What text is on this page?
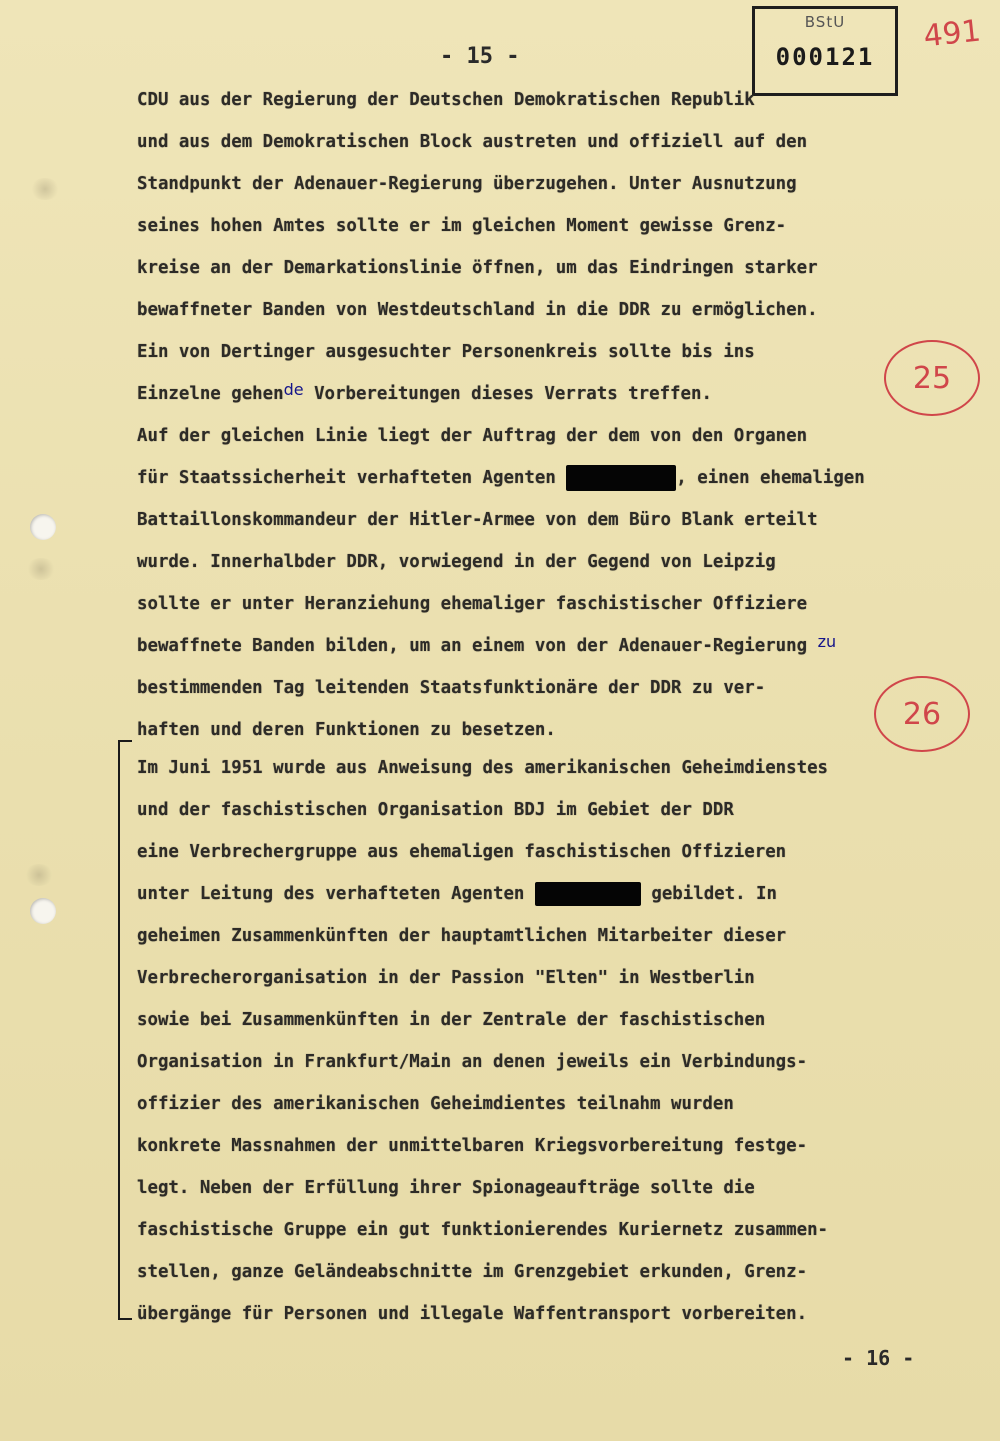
BStU
000121
491
- 15 -
CDU aus der Regierung der Deutschen Demokratischen Republik
und aus dem Demokratischen Block austreten und offiziell auf den
Standpunkt der Adenauer-Regierung überzugehen. Unter Ausnutzung
seines hohen Amtes sollte er im gleichen Moment gewisse Grenz-
kreise an der Demarkationslinie öffnen, um das Eindringen starker
bewaffneter Banden von Westdeutschland in die DDR zu ermöglichen.
Ein von Dertinger ausgesuchter Personenkreis sollte bis ins
Einzelne gehende Vorbereitungen dieses Verrats treffen.
Auf der gleichen Linie liegt der Auftrag der dem von den Organen
für Staatssicherheit verhafteten Agenten	, einen ehemaligen
Battaillonskommandeur der Hitler-Armee von dem Büro Blank erteilt
wurde. Innerhalbder DDR, vorwiegend in der Gegend von Leipzig
sollte er unter Heranziehung ehemaliger faschistischer Offiziere
bewaffnete Banden bilden, um an einem von der Adenauer-Regierung zu
bestimmenden Tag leitenden Staatsfunktionäre der DDR zu ver-
haften und deren Funktionen zu besetzen.
Im Juni 1951 wurde aus Anweisung des amerikanischen Geheimdienstes
und der faschistischen Organisation BDJ im Gebiet der DDR
eine Verbrechergruppe aus ehemaligen faschistischen Offizieren
unter Leitung des verhafteten Agenten	gebildet. In
geheimen Zusammenkünften der hauptamtlichen Mitarbeiter dieser
Verbrecherorganisation in der Passion "Elten" in Westberlin
sowie bei Zusammenkünften in der Zentrale der faschistischen
Organisation in Frankfurt/Main an denen jeweils ein Verbindungs-
offizier des amerikanischen Geheimdientes teilnahm wurden
konkrete Massnahmen der unmittelbaren Kriegsvorbereitung festge-
legt. Neben der Erfüllung ihrer Spionageaufträge sollte die
faschistische Gruppe ein gut funktionierendes Kuriernetz zusammen-
stellen, ganze Geländeabschnitte im Grenzgebiet erkunden, Grenz-
übergänge für Personen und illegale Waffentransport vorbereiten.
25
26
- 16 -
